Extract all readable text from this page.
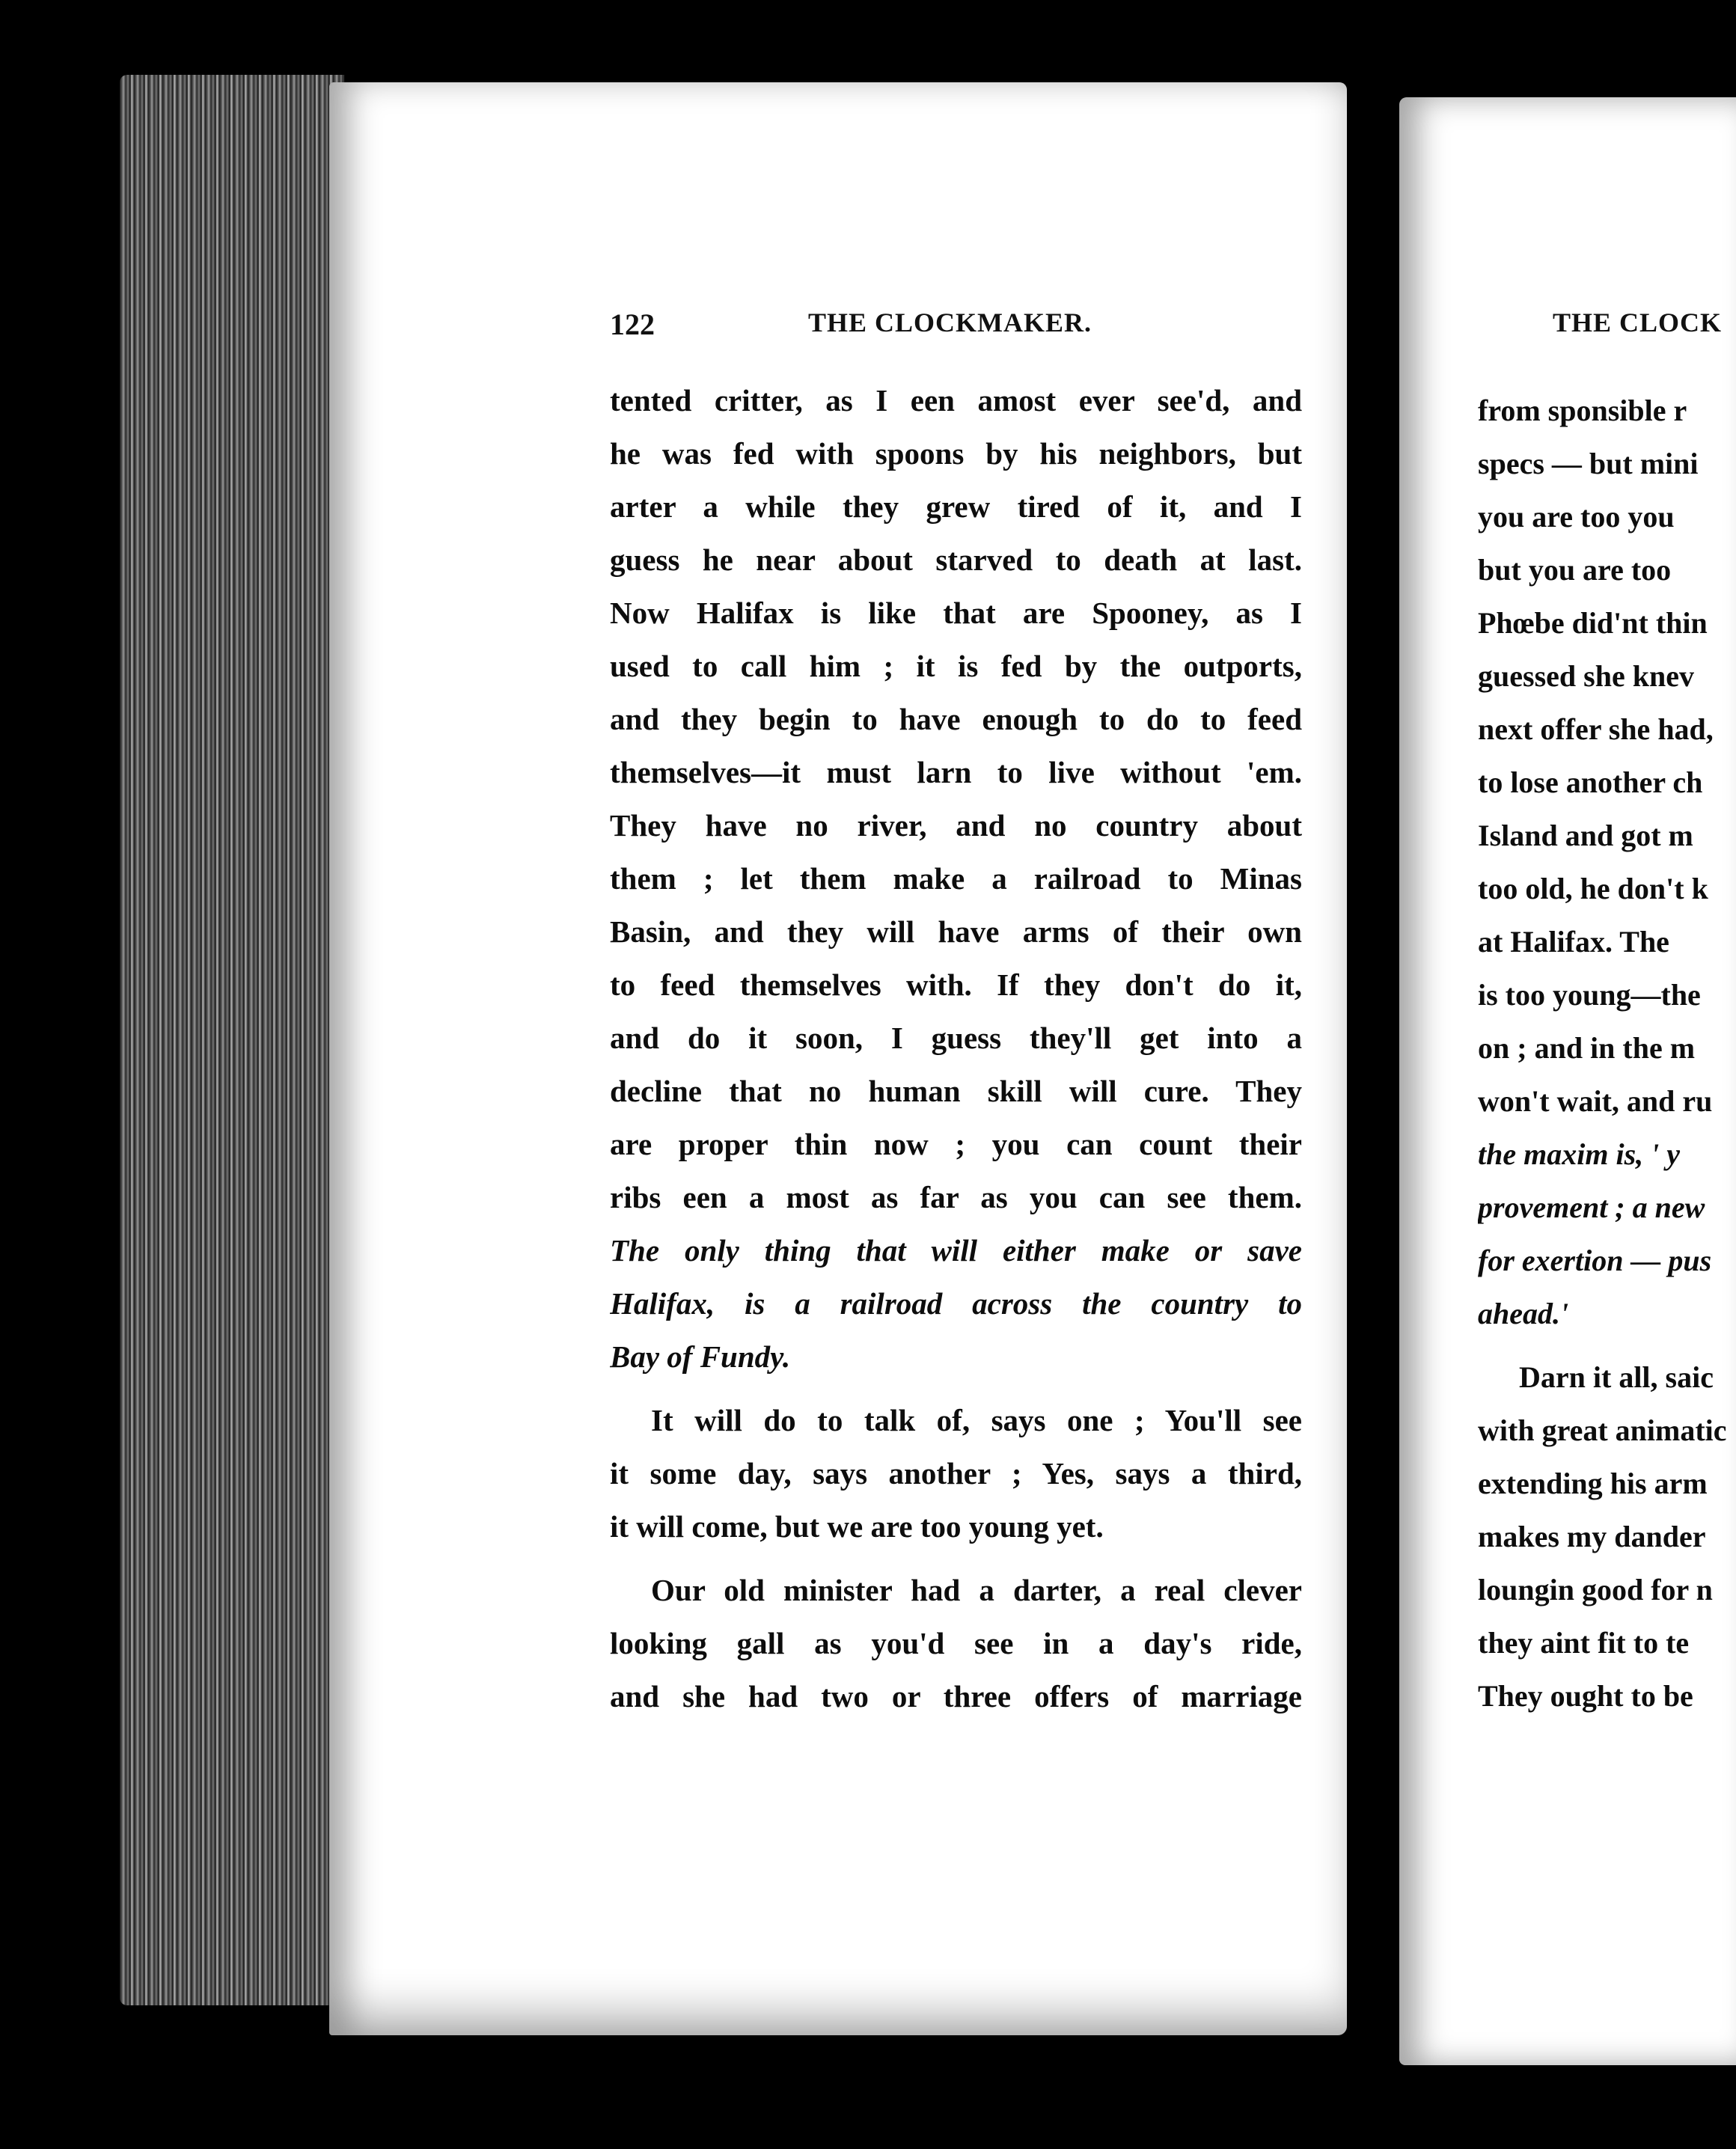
122	THE CLOCKMAKER.	THE CLOCK
tented critter, as I een amost ever see'd, and
he was fed with spoons by his neighbors, but
arter a while they grew tired of it, and I
guess he near about starved to death at last.
Now Halifax is like that are Spooney, as I
used to call him ; it is fed by the outports,
and they begin to have enough to do to feed
themselves—it must larn to live without 'em.
They have no river, and no country about
them ; let them make a railroad to Minas
Basin, and they will have arms of their own
to feed themselves with. If they don't do it,
and do it soon, I guess they'll get into a
decline that no human skill will cure. They
are proper thin now ; you can count their
ribs een a most as far as you can see them.
The only thing that will either make or save
Halifax, is a railroad across the country to
Bay of Fundy.
It will do to talk of, says one ; You'll see
it some day, says another ; Yes, says a third,
it will come, but we are too young yet.
Our old minister had a darter, a real clever
looking gall as you'd see in a day's ride,
and she had two or three offers of marriage
from sponsible r
specs — but mini
you are too you
but you are too
Phœbe did'nt thin
guessed she knev
next offer she had,
to lose another ch
Island and got m
too old, he don't k
at Halifax. The
is too young—the
on ; and in the m
won't wait, and ru
the maxim is, ' y
provement ; a new
for exertion — pus
ahead.'
Darn it all, saic
with great animatic
extending his arm
makes my dander
loungin good for n
they aint fit to te
They ought to be
